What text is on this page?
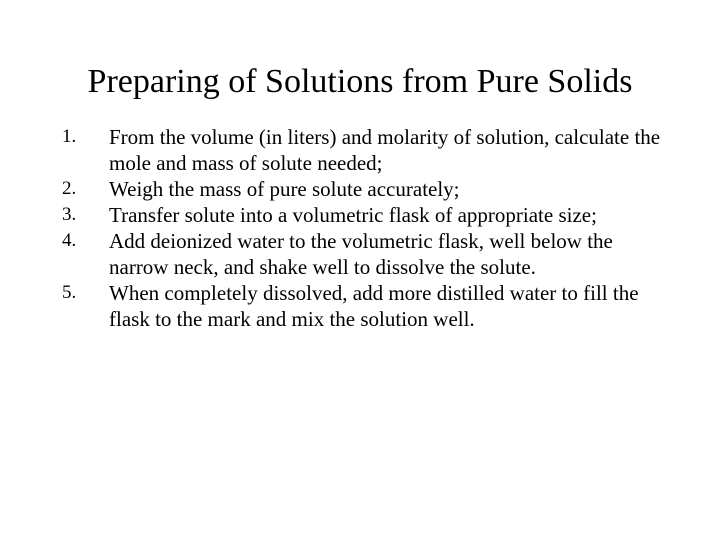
Preparing of Solutions from Pure Solids
1. From the volume (in liters) and molarity of solution, calculate the mole and mass of solute needed;
2. Weigh the mass of pure solute accurately;
3. Transfer solute into a volumetric flask of appropriate size;
4. Add deionized water to the volumetric flask, well below the narrow neck, and shake well to dissolve the solute.
5. When completely dissolved, add more distilled water to fill the flask to the mark and mix the solution well.
